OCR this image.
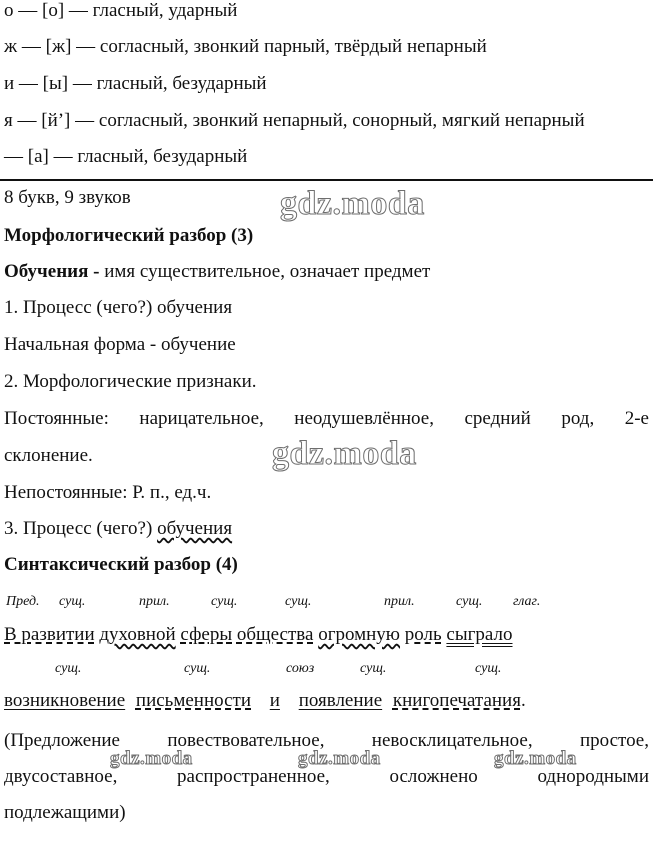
о — [о] — гласный, ударный
ж — [ж] — согласный, звонкий парный, твёрдый непарный
и — [ы] — гласный, безударный
я — [й’] — согласный, звонкий непарный, сонорный, мягкий непарный
— [а] — гласный, безударный
8 букв, 9 звуков
Морфологический разбор (3)
Обучения - имя существительное, означает предмет
1. Процесс (чего?) обучения
Начальная форма - обучение
2. Морфологические признаки.
Постоянные: нарицательное, неодушевлённое, средний род, 2-е
склонение.
Непостоянные: Р. п., ед.ч.
3. Процесс (чего?) обучения
Синтаксический разбор (4)
Пред. сущ.	прил.	сущ.	сущ.	прил.	сущ. глаг.
В развитии духовной сферы общества огромную роль сыграло
сущ.	сущ.	союз	сущ.	сущ.
возникновение письменности и появление книгопечатания.
(Предложение повествовательное, невосклицательное, простое,
двусоставное,	распространенное,	осложнено	однородными
подлежащими)
gdz.moda
gdz.moda
gdz.moda	gdz.moda	gdz.moda
